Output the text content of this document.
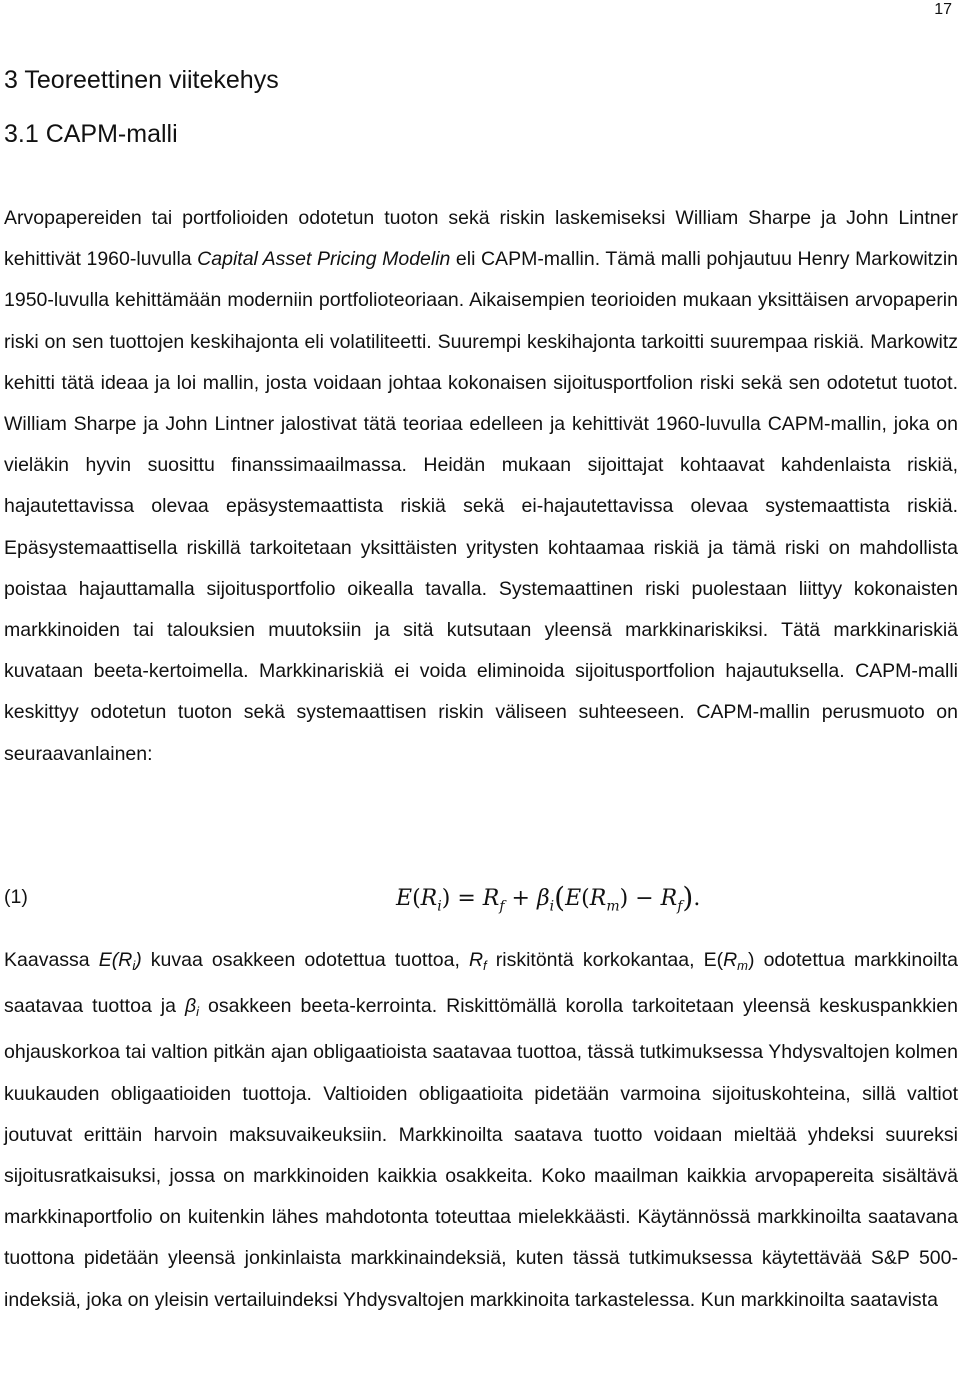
17
3 Teoreettinen viitekehys
3.1 CAPM-malli

Arvopapereiden tai portfolioiden odotetun tuoton sekä riskin laskemiseksi William Sharpe ja John Lintner kehittivät 1960-luvulla Capital Asset Pricing Modelin eli CAPM-mallin. Tämä malli pohjautuu Henry Markowitzin 1950-luvulla kehittämään moderniin portfolioteoriaan. Aikaisempien teorioiden mukaan yksittäisen arvopaperin riski on sen tuottojen keskihajonta eli volatiliteetti. Suurempi keskihajonta tarkoitti suurempaa riskiä. Markowitz kehitti tätä ideaa ja loi mallin, josta voidaan johtaa kokonaisen sijoitusportfolion riski sekä sen odotetut tuotot. William Sharpe ja John Lintner jalostivat tätä teoriaa edelleen ja kehittivät 1960-luvulla CAPM-mallin, joka on vieläkin hyvin suosittu finanssimaailmassa. Heidän mukaan sijoittajat kohtaavat kahdenlaista riskiä, hajautettavissa olevaa epäsystemaattista riskiä sekä ei-hajautettavissa olevaa systemaattista riskiä. Epäsystemaattisella riskillä tarkoitetaan yksittäisten yritysten kohtaamaa riskiä ja tämä riski on mahdollista poistaa hajauttamalla sijoitusportfolio oikealla tavalla. Systemaattinen riski puolestaan liittyy kokonaisten markkinoiden tai talouksien muutoksiin ja sitä kutsutaan yleensä markkinariskiksi. Tätä markkinariskiä kuvataan beeta-kertoimella. Markkinariskiä ei voida eliminoida sijoitusportfolion hajautuksella. CAPM-malli keskittyy odotetun tuoton sekä systemaattisen riskin väliseen suhteeseen. CAPM-mallin perusmuoto on seuraavanlainen:

(1)	$E(R_i) = R_f + \beta_i(E(R_m) - R_f)$.

Kaavassa $E(R_i)$ kuvaa osakkeen odotettua tuottoa, $R_f$ riskitöntä korkokantaa, $E(R_m)$ odotettua markkinoilta saatavaa tuottoa ja $\beta_i$ osakkeen beeta-kerrointa. Riskittömällä korolla tarkoitetaan yleensä keskuspankkien ohjauskorkoa tai valtion pitkän ajan obligaatioista saatavaa tuottoa, tässä tutkimuksessa Yhdysvaltojen kolmen kuukauden obligaatioiden tuottoja. Valtioiden obligaatioita pidetään varmoina sijoituskohteina, sillä valtiot joutuvat erittäin harvoin maksuvaikeuksiin. Markkinoilta saatava tuotto voidaan mieltää yhdeksi suureksi sijoitusratkaisuksi, jossa on markkinoiden kaikkia osakkeita. Koko maailman kaikkia arvopapereita sisältävä markkinaportfolio on kuitenkin lähes mahdotonta toteuttaa mielekkäästi. Käytännössä markkinoilta saatavana tuottona pidetään yleensä jonkinlaista markkinaindeksiä, kuten tässä tutkimuksessa käytettävää S&P 500-indeksiä, joka on yleisin vertailuindeksi Yhdysvaltojen markkinoita tarkastelessa. Kun markkinoilta saatavista
